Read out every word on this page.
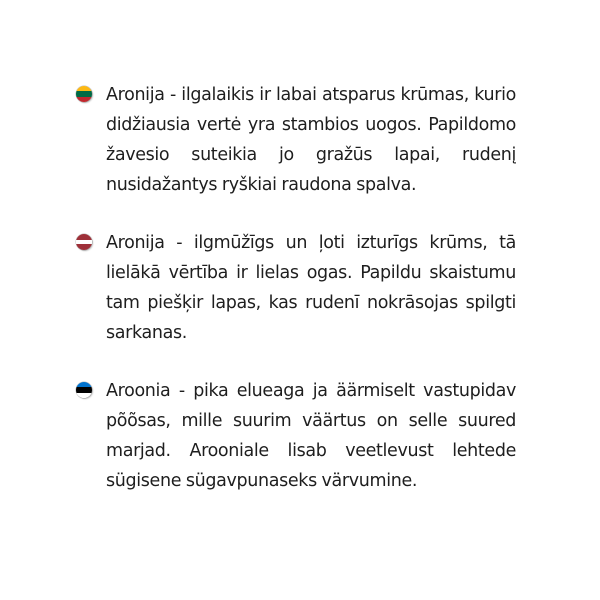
Aronija - ilgalaikis ir labai atsparus krūmas, kurio didžiausia vertė yra stambios uogos. Papildomo žavesio suteikia jo gražūs lapai, rudenį nusidažantys ryškiai raudona spalva.

Aronija - ilgmūžīgs un ļoti izturīgs krūms, tā lielākā vērtība ir lielas ogas. Papildu skaistumu tam piešķir lapas, kas rudenī nokrāsojas spilgti sarkanas.

Aroonia - pika elueaga ja äärmiselt vastupidav põõsas, mille suurim väärtus on selle suured marjad. Arooniale lisab veetlevust lehtede sügisene sügavpunaseks värvumine.
